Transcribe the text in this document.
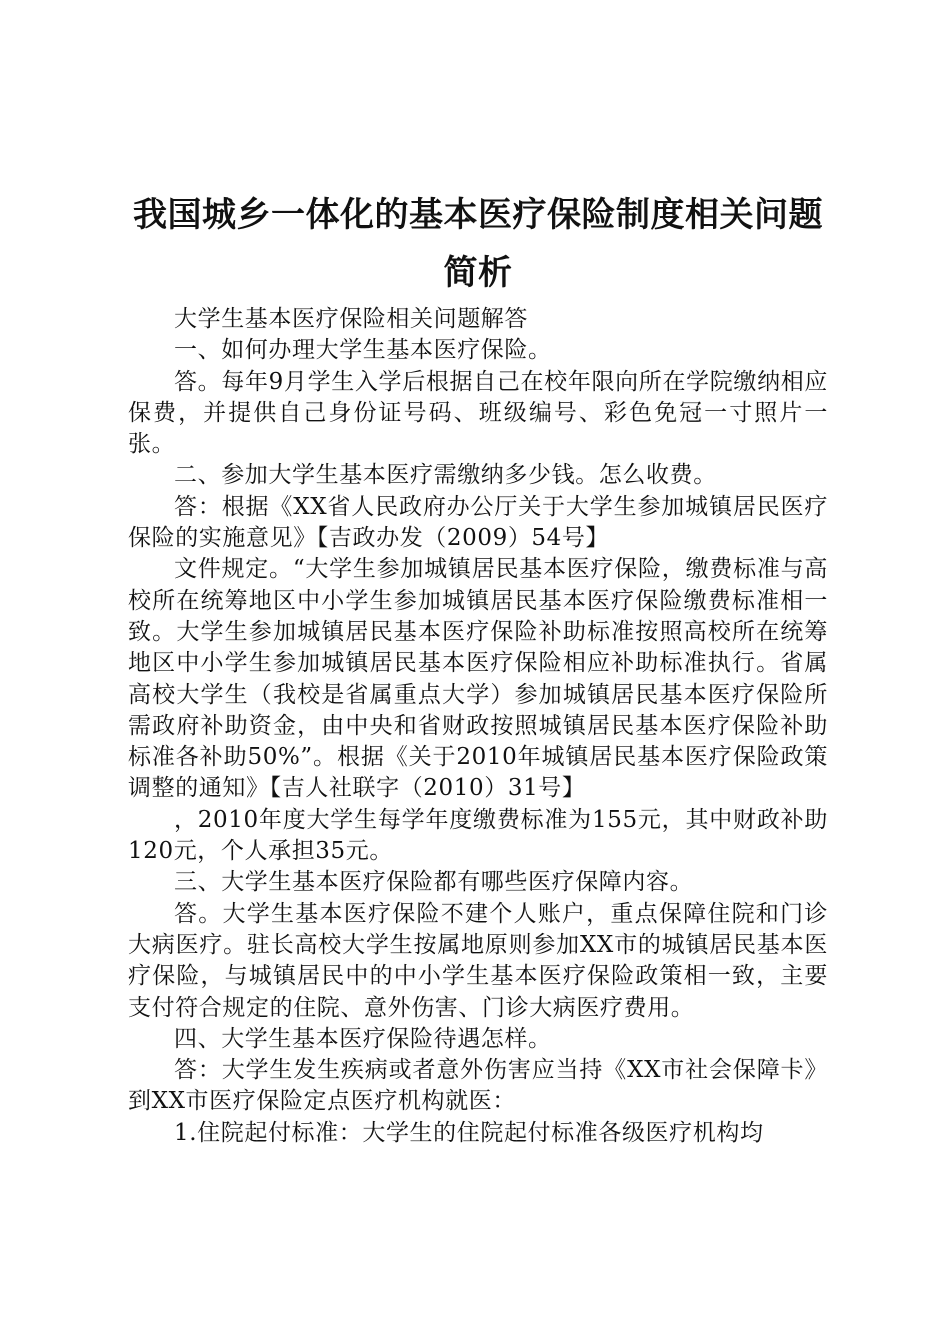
我国城乡一体化的基本医疗保险制度相关问题
简析

大学生基本医疗保险相关问题解答

一、如何办理大学生基本医疗保险。

答。每年9月学生入学后根据自己在校年限向所在学院缴纳相应保费，并提供自己身份证号码、班级编号、彩色免冠一寸照片一张。

二、参加大学生基本医疗需缴纳多少钱。怎么收费。

答：根据《XX省人民政府办公厅关于大学生参加城镇居民医疗保险的实施意见》【吉政办发（2009）54号】

文件规定。“大学生参加城镇居民基本医疗保险，缴费标准与高校所在统筹地区中小学生参加城镇居民基本医疗保险缴费标准相一致。大学生参加城镇居民基本医疗保险补助标准按照高校所在统筹地区中小学生参加城镇居民基本医疗保险相应补助标准执行。省属高校大学生（我校是省属重点大学）参加城镇居民基本医疗保险所需政府补助资金，由中央和省财政按照城镇居民基本医疗保险补助标准各补助50%”。根据《关于2010年城镇居民基本医疗保险政策调整的通知》【吉人社联字（2010）31号】

，2010年度大学生每学年度缴费标准为155元，其中财政补助120元，个人承担35元。

三、大学生基本医疗保险都有哪些医疗保障内容。

答。大学生基本医疗保险不建个人账户，重点保障住院和门诊大病医疗。驻长高校大学生按属地原则参加XX市的城镇居民基本医疗保险，与城镇居民中的中小学生基本医疗保险政策相一致，主要支付符合规定的住院、意外伤害、门诊大病医疗费用。

四、大学生基本医疗保险待遇怎样。

答：大学生发生疾病或者意外伤害应当持《XX市社会保障卡》到XX市医疗保险定点医疗机构就医：

1.住院起付标准：大学生的住院起付标准各级医疗机构均
